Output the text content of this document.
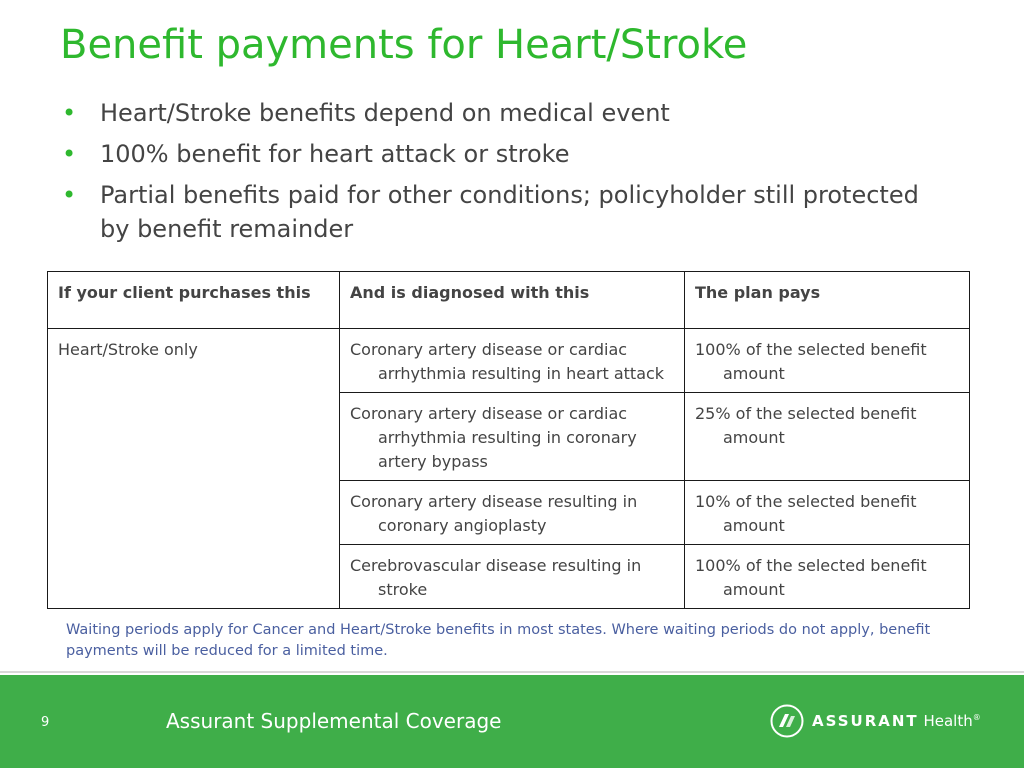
Benefit payments for Heart/Stroke
• Heart/Stroke benefits depend on medical event
• 100% benefit for heart attack or stroke
• Partial benefits paid for other conditions; policyholder still protected by benefit remainder
If your client purchases this	And is diagnosed with this	The plan pays
Heart/Stroke only	Coronary artery disease or cardiac arrhythmia resulting in heart attack	100% of the selected benefit amount
	Coronary artery disease or cardiac arrhythmia resulting in coronary artery bypass	25% of the selected benefit amount
	Coronary artery disease resulting in coronary angioplasty	10% of the selected benefit amount
	Cerebrovascular disease resulting in stroke	100% of the selected benefit amount

Waiting periods apply for Cancer and Heart/Stroke benefits in most states. Where waiting periods do not apply, benefit payments will be reduced for a limited time.

9	Assurant Supplemental Coverage	ASSURANT Health®
